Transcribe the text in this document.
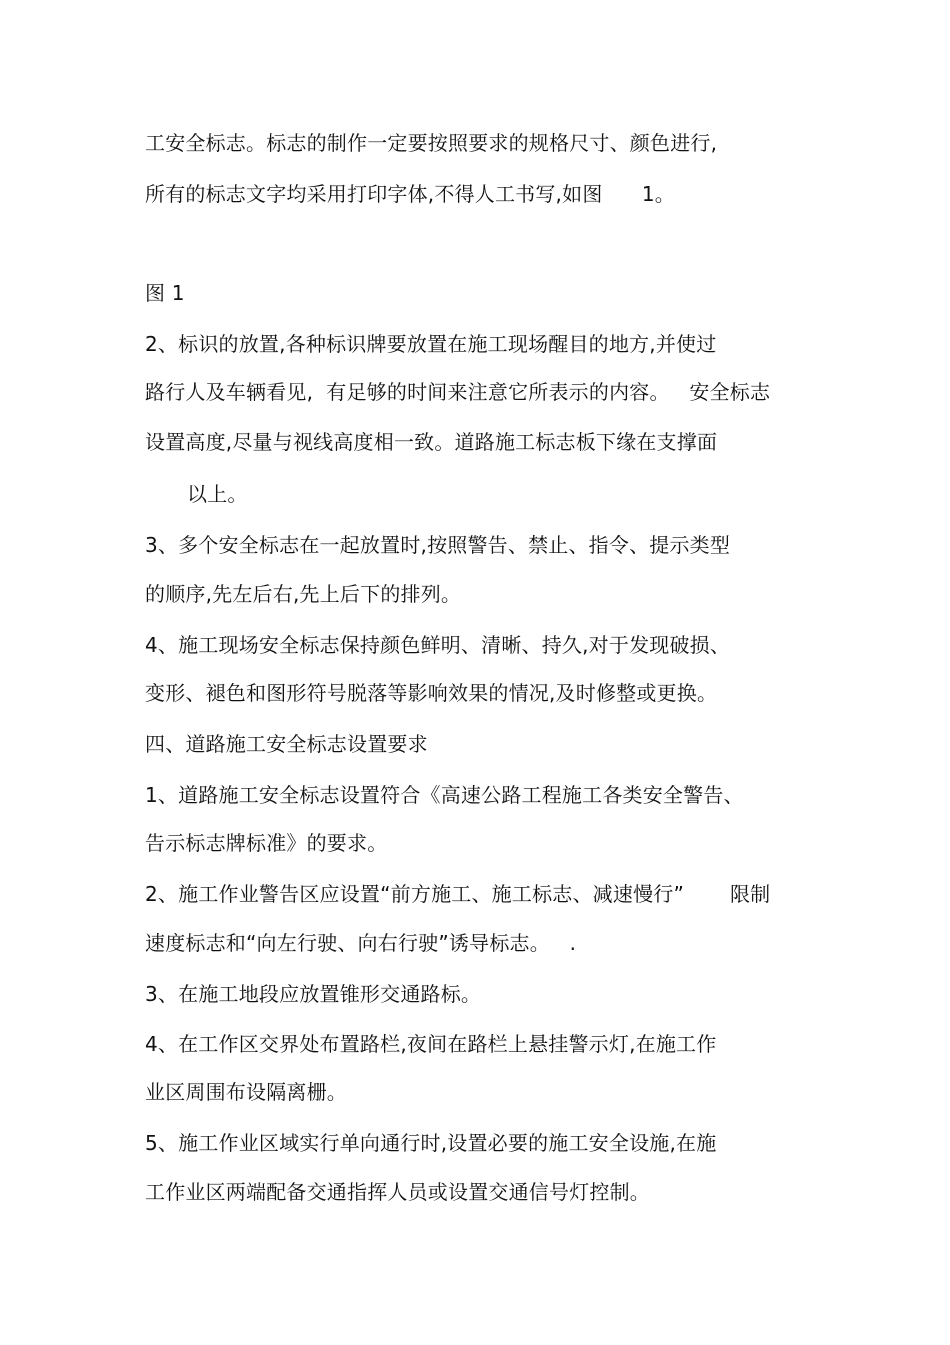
工安全标志。标志的制作一定要按照要求的规格尺寸、颜色进行,
所有的标志文字均采用打印字体,不得人工书写,如图      1。
图 1
2、标识的放置,各种标识牌要放置在施工现场醒目的地方,并使过
路行人及车辆看见,  有足够的时间来注意它所表示的内容。   安全标志
设置高度,尽量与视线高度相一致。道路施工标志板下缘在支撑面
以上。
3、多个安全标志在一起放置时,按照警告、禁止、指令、提示类型
的顺序,先左后右,先上后下的排列。
4、施工现场安全标志保持颜色鲜明、清晰、持久,对于发现破损、
变形、褪色和图形符号脱落等影响效果的情况,及时修整或更换。
四、道路施工安全标志设置要求
1、道路施工安全标志设置符合《高速公路工程施工各类安全警告、
告示标志牌标准》的要求。
2、施工作业警告区应设置“前方施工、施工标志、减速慢行”       限制
速度标志和“向左行驶、向右行驶”诱导标志。   .
3、在施工地段应放置锥形交通路标。
4、在工作区交界处布置路栏,夜间在路栏上悬挂警示灯,在施工作
业区周围布设隔离栅。
5、施工作业区域实行单向通行时,设置必要的施工安全设施,在施
工作业区两端配备交通指挥人员或设置交通信号灯控制。
